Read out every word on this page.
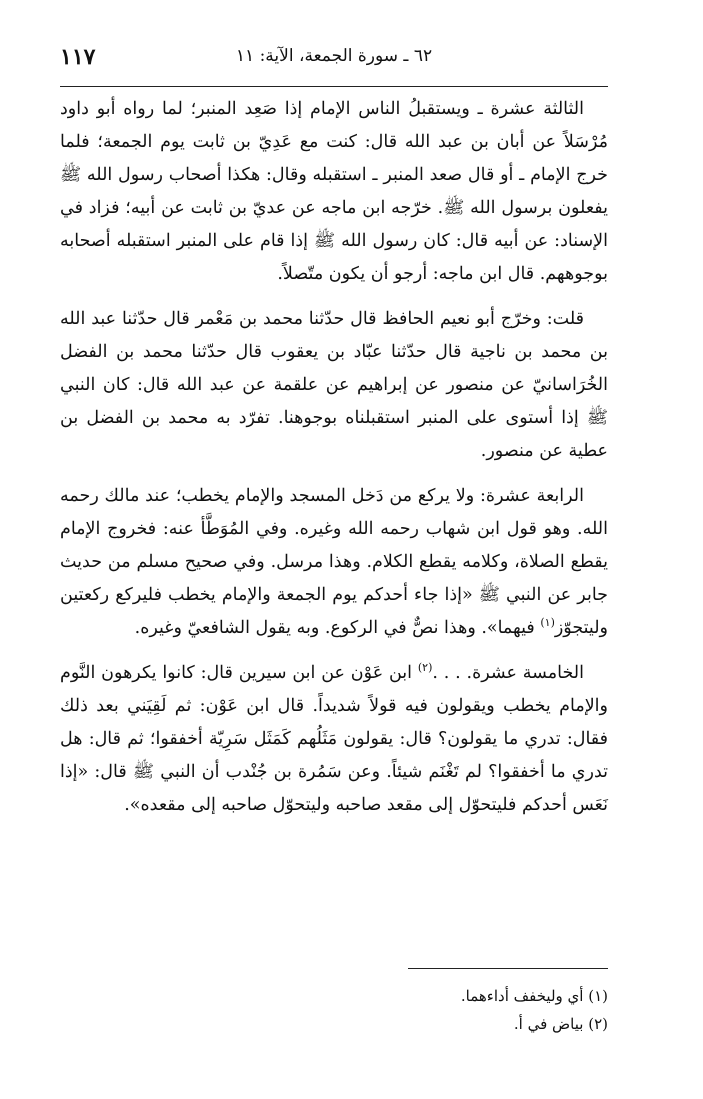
١١٧	٦٢ ـ سورة الجمعة، الآية: ١١

الثالثة عشرة ـ ويستقبلُ الناس الإمام إذا صَعِد المنبر؛ لما رواه أبو داود مُرْسَلاً عن أبان بن عبد الله قال: كنت مع عَدِيّ بن ثابت يوم الجمعة؛ فلما خرج الإمام ـ أو قال صعد المنبر ـ استقبله وقال: هكذا أصحاب رسول الله ﷺ يفعلون برسول الله ﷺ. خرّجه ابن ماجه عن عديّ بن ثابت عن أبيه؛ فزاد في الإسناد: عن أبيه قال: كان رسول الله ﷺ إذا قام على المنبر استقبله أصحابه بوجوههم. قال ابن ماجه: أرجو أن يكون متّصلاً.

قلت: وخرّج أبو نعيم الحافظ قال حدّثنا محمد بن مَعْمر قال حدّثنا عبد الله بن محمد بن ناجية قال حدّثنا عبّاد بن يعقوب قال حدّثنا محمد بن الفضل الخُرَاسانيّ عن منصور عن إبراهيم عن علقمة عن عبد الله قال: كان النبي ﷺ إذا أستوى على المنبر استقبلناه بوجوهنا. تفرّد به محمد بن الفضل بن عطية عن منصور.

الرابعة عشرة: ولا يركع من دَخل المسجد والإمام يخطب؛ عند مالك رحمه الله. وهو قول ابن شهاب رحمه الله وغيره. وفي المُوَطَّأ عنه: فخروج الإمام يقطع الصلاة، وكلامه يقطع الكلام. وهذا مرسل. وفي صحيح مسلم من حديث جابر عن النبي ﷺ «إذا جاء أحدكم يوم الجمعة والإمام يخطب فليركع ركعتين وليتجوّز$^{(١)}$ فيهما». وهذا نصٌّ في الركوع. وبه يقول الشافعيّ وغيره.

الخامسة عشرة. . . .$^{(٢)}$ ابن عَوْن عن ابن سيرين قال: كانوا يكرهون النَّوم والإمام يخطب ويقولون فيه قولاً شديداً. قال ابن عَوْن: ثم لَقِيَني بعد ذلك فقال: تدري ما يقولون؟ قال: يقولون مَثَلُهم كَمَثَل سَرِيّة أخفقوا؛ ثم قال: هل تدري ما أخفقوا؟ لم تَغْنَم شيئاً. وعن سَمُرة بن جُنْدب أن النبي ﷺ قال: «إذا نَعَس أحدكم فليتحوّل إلى مقعد صاحبه وليتحوّل صاحبه إلى مقعده».

(١) أي وليخفف أداءهما.

(٢) بياض في أ.
